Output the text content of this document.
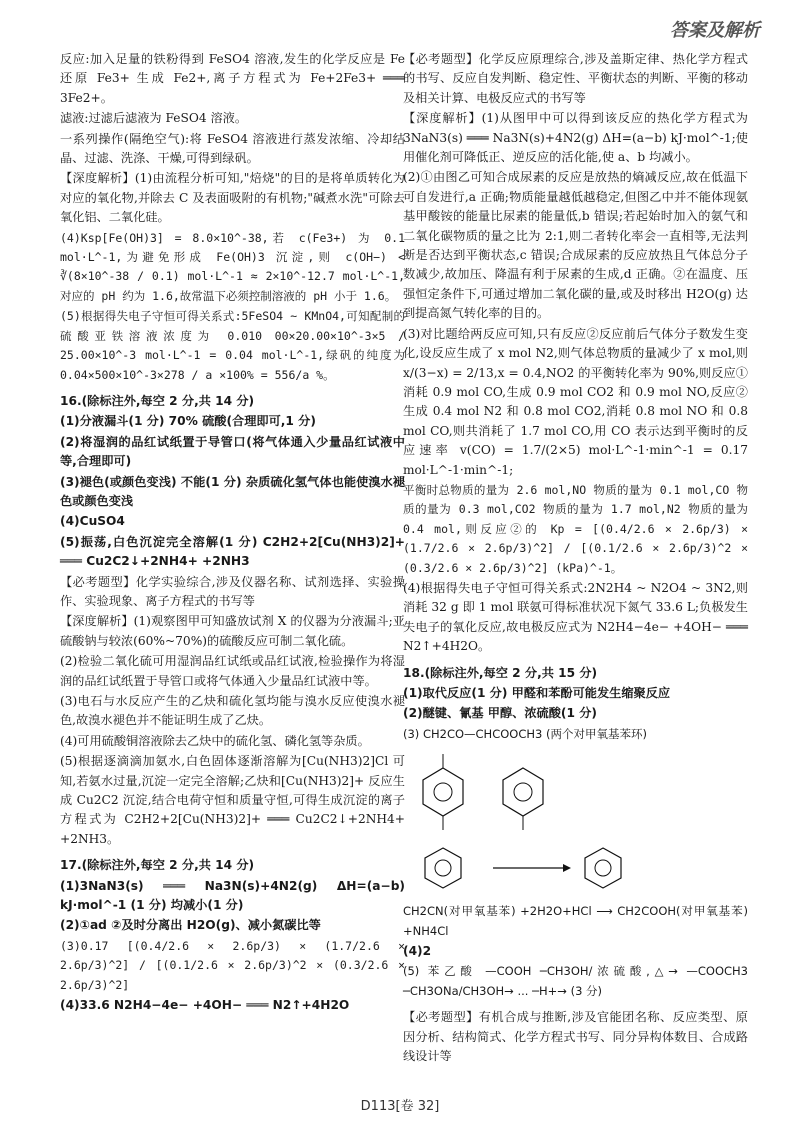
答案及解析

反应:加入足量的铁粉得到 FeSO4 溶液,发生的化学反应是 Fe 还原 Fe3+ 生成 Fe2+,离子方程式为 Fe+2Fe3+ ═══ 3Fe2+。

滤液:过滤后滤液为 FeSO4 溶液。

一系列操作(隔绝空气):将 FeSO4 溶液进行蒸发浓缩、冷却结晶、过滤、洗涤、干燥,可得到绿矾。

【深度解析】(1)由流程分析可知,"焙烧"的目的是将单质转化为对应的氧化物,并除去 C 及表面吸附的有机物;"碱煮水洗"可除去氧化铝、二氧化硅。

(4)Ksp[Fe(OH)3] = 8.0×10^-38,若 c(Fe3+) 为 0.1 mol·L^-1,为避免形成 Fe(OH)3 沉淀,则 c(OH−) < ∛(8×10^-38 / 0.1) mol·L^-1 ≈ 2×10^-12.7 mol·L^-1,对应的 pH 约为 1.6,故常温下必须控制溶液的 pH 小于 1.6。

(5)根据得失电子守恒可得关系式:5FeSO4 ~ KMnO4,可知配制的硫酸亚铁溶液浓度为 0.010 00×20.00×10^-3×5 / 25.00×10^-3 mol·L^-1 = 0.04 mol·L^-1,绿矾的纯度为 0.04×500×10^-3×278 / a ×100% = 556/a %。

16.(除标注外,每空 2 分,共 14 分)

(1)分液漏斗(1 分) 70% 硫酸(合理即可,1 分)

(2)将湿润的品红试纸置于导管口(将气体通入少量品红试液中等,合理即可)

(3)褪色(或颜色变浅) 不能(1 分) 杂质硫化氢气体也能使溴水褪色或颜色变浅

(4)CuSO4

(5)振荡,白色沉淀完全溶解(1 分) C2H2+2[Cu(NH3)2]+ ═══ Cu2C2↓+2NH4+ +2NH3

【必考题型】化学实验综合,涉及仪器名称、试剂选择、实验操作、实验现象、离子方程式的书写等

【深度解析】(1)观察图甲可知盛放试剂 X 的仪器为分液漏斗;亚硫酸钠与较浓(60%~70%)的硫酸反应可制二氧化硫。

(2)检验二氧化硫可用湿润品红试纸或品红试液,检验操作为将湿润的品红试纸置于导管口或将气体通入少量品红试液中等。

(3)电石与水反应产生的乙炔和硫化氢均能与溴水反应使溴水褪色,故溴水褪色并不能证明生成了乙炔。

(4)可用硫酸铜溶液除去乙炔中的硫化氢、磷化氢等杂质。

(5)根据逐滴滴加氨水,白色固体逐渐溶解为[Cu(NH3)2]Cl 可知,若氨水过量,沉淀一定完全溶解;乙炔和[Cu(NH3)2]+ 反应生成 Cu2C2 沉淀,结合电荷守恒和质量守恒,可得生成沉淀的离子方程式为 C2H2+2[Cu(NH3)2]+ ═══ Cu2C2↓+2NH4+ +2NH3。

17.(除标注外,每空 2 分,共 14 分)

(1)3NaN3(s) ═══ Na3N(s)+4N2(g) ΔH=(a−b) kJ·mol^-1 (1 分) 均减小(1 分)

(2)①ad ②及时分离出 H2O(g)、减小氮碳比等

(3)0.17 [(0.4/2.6 × 2.6p/3) × (1.7/2.6 × 2.6p/3)^2] / [(0.1/2.6 × 2.6p/3)^2 × (0.3/2.6 × 2.6p/3)^2]

(4)33.6 N2H4−4e− +4OH− ═══ N2↑+4H2O

【必考题型】化学反应原理综合,涉及盖斯定律、热化学方程式的书写、反应自发判断、稳定性、平衡状态的判断、平衡的移动及相关计算、电极反应式的书写等

【深度解析】(1)从图甲中可以得到该反应的热化学方程式为 3NaN3(s) ═══ Na3N(s)+4N2(g) ΔH=(a−b) kJ·mol^-1;使用催化剂可降低正、逆反应的活化能,使 a、b 均减小。

(2)①由图乙可知合成尿素的反应是放热的熵减反应,故在低温下可自发进行,a 正确;物质能量越低越稳定,但图乙中并不能体现氨基甲酸铵的能量比尿素的能量低,b 错误;若起始时加入的氨气和二氧化碳物质的量之比为 2:1,则二者转化率会一直相等,无法判断是否达到平衡状态,c 错误;合成尿素的反应放热且气体总分子数减少,故加压、降温有利于尿素的生成,d 正确。②在温度、压强恒定条件下,可通过增加二氧化碳的量,或及时移出 H2O(g) 达到提高氮气转化率的目的。

(3)对比题给两反应可知,只有反应②反应前后气体分子数发生变化,设反应生成了 x mol N2,则气体总物质的量减少了 x mol,则 x/(3−x) = 2/13,x = 0.4,NO2 的平衡转化率为 90%,则反应①消耗 0.9 mol CO,生成 0.9 mol CO2 和 0.9 mol NO,反应②生成 0.4 mol N2 和 0.8 mol CO2,消耗 0.8 mol NO 和 0.8 mol CO,则共消耗了 1.7 mol CO,用 CO 表示达到平衡时的反应速率 v(CO) = 1.7/(2×5) mol·L^-1·min^-1 = 0.17 mol·L^-1·min^-1;

平衡时总物质的量为 2.6 mol,NO 物质的量为 0.1 mol,CO 物质的量为 0.3 mol,CO2 物质的量为 1.7 mol,N2 物质的量为 0.4 mol,则反应②的 Kp = [(0.4/2.6 × 2.6p/3) × (1.7/2.6 × 2.6p/3)^2] / [(0.1/2.6 × 2.6p/3)^2 × (0.3/2.6 × 2.6p/3)^2] (kPa)^-1。

(4)根据得失电子守恒可得关系式:2N2H4 ~ N2O4 ~ 3N2,则消耗 32 g 即 1 mol 联氨可得标准状况下氮气 33.6 L;负极发生失电子的氧化反应,故电极反应式为 N2H4−4e− +4OH− ═══ N2↑+4H2O。

18.(除标注外,每空 2 分,共 15 分)

(1)取代反应(1 分) 甲醛和苯酚可能发生缩聚反应

(2)醚键、氰基 甲醇、浓硫酸(1 分)

(3) CH2CO—CHCOOCH3 (两个对甲氧基苯环)

CH2CN(对甲氧基苯) +2H2O+HCl ⟶ CH2COOH(对甲氧基苯) +NH4Cl

(4)2

(5) 苯乙酸 —COOH ─CH3OH/浓硫酸,△→ —COOCH3 ─CH3ONa/CH3OH→ ... ─H+→ (3 分)

【必考题型】有机合成与推断,涉及官能团名称、反应类型、原因分析、结构简式、化学方程式书写、同分异构体数目、合成路线设计等

D113[卷 32]
